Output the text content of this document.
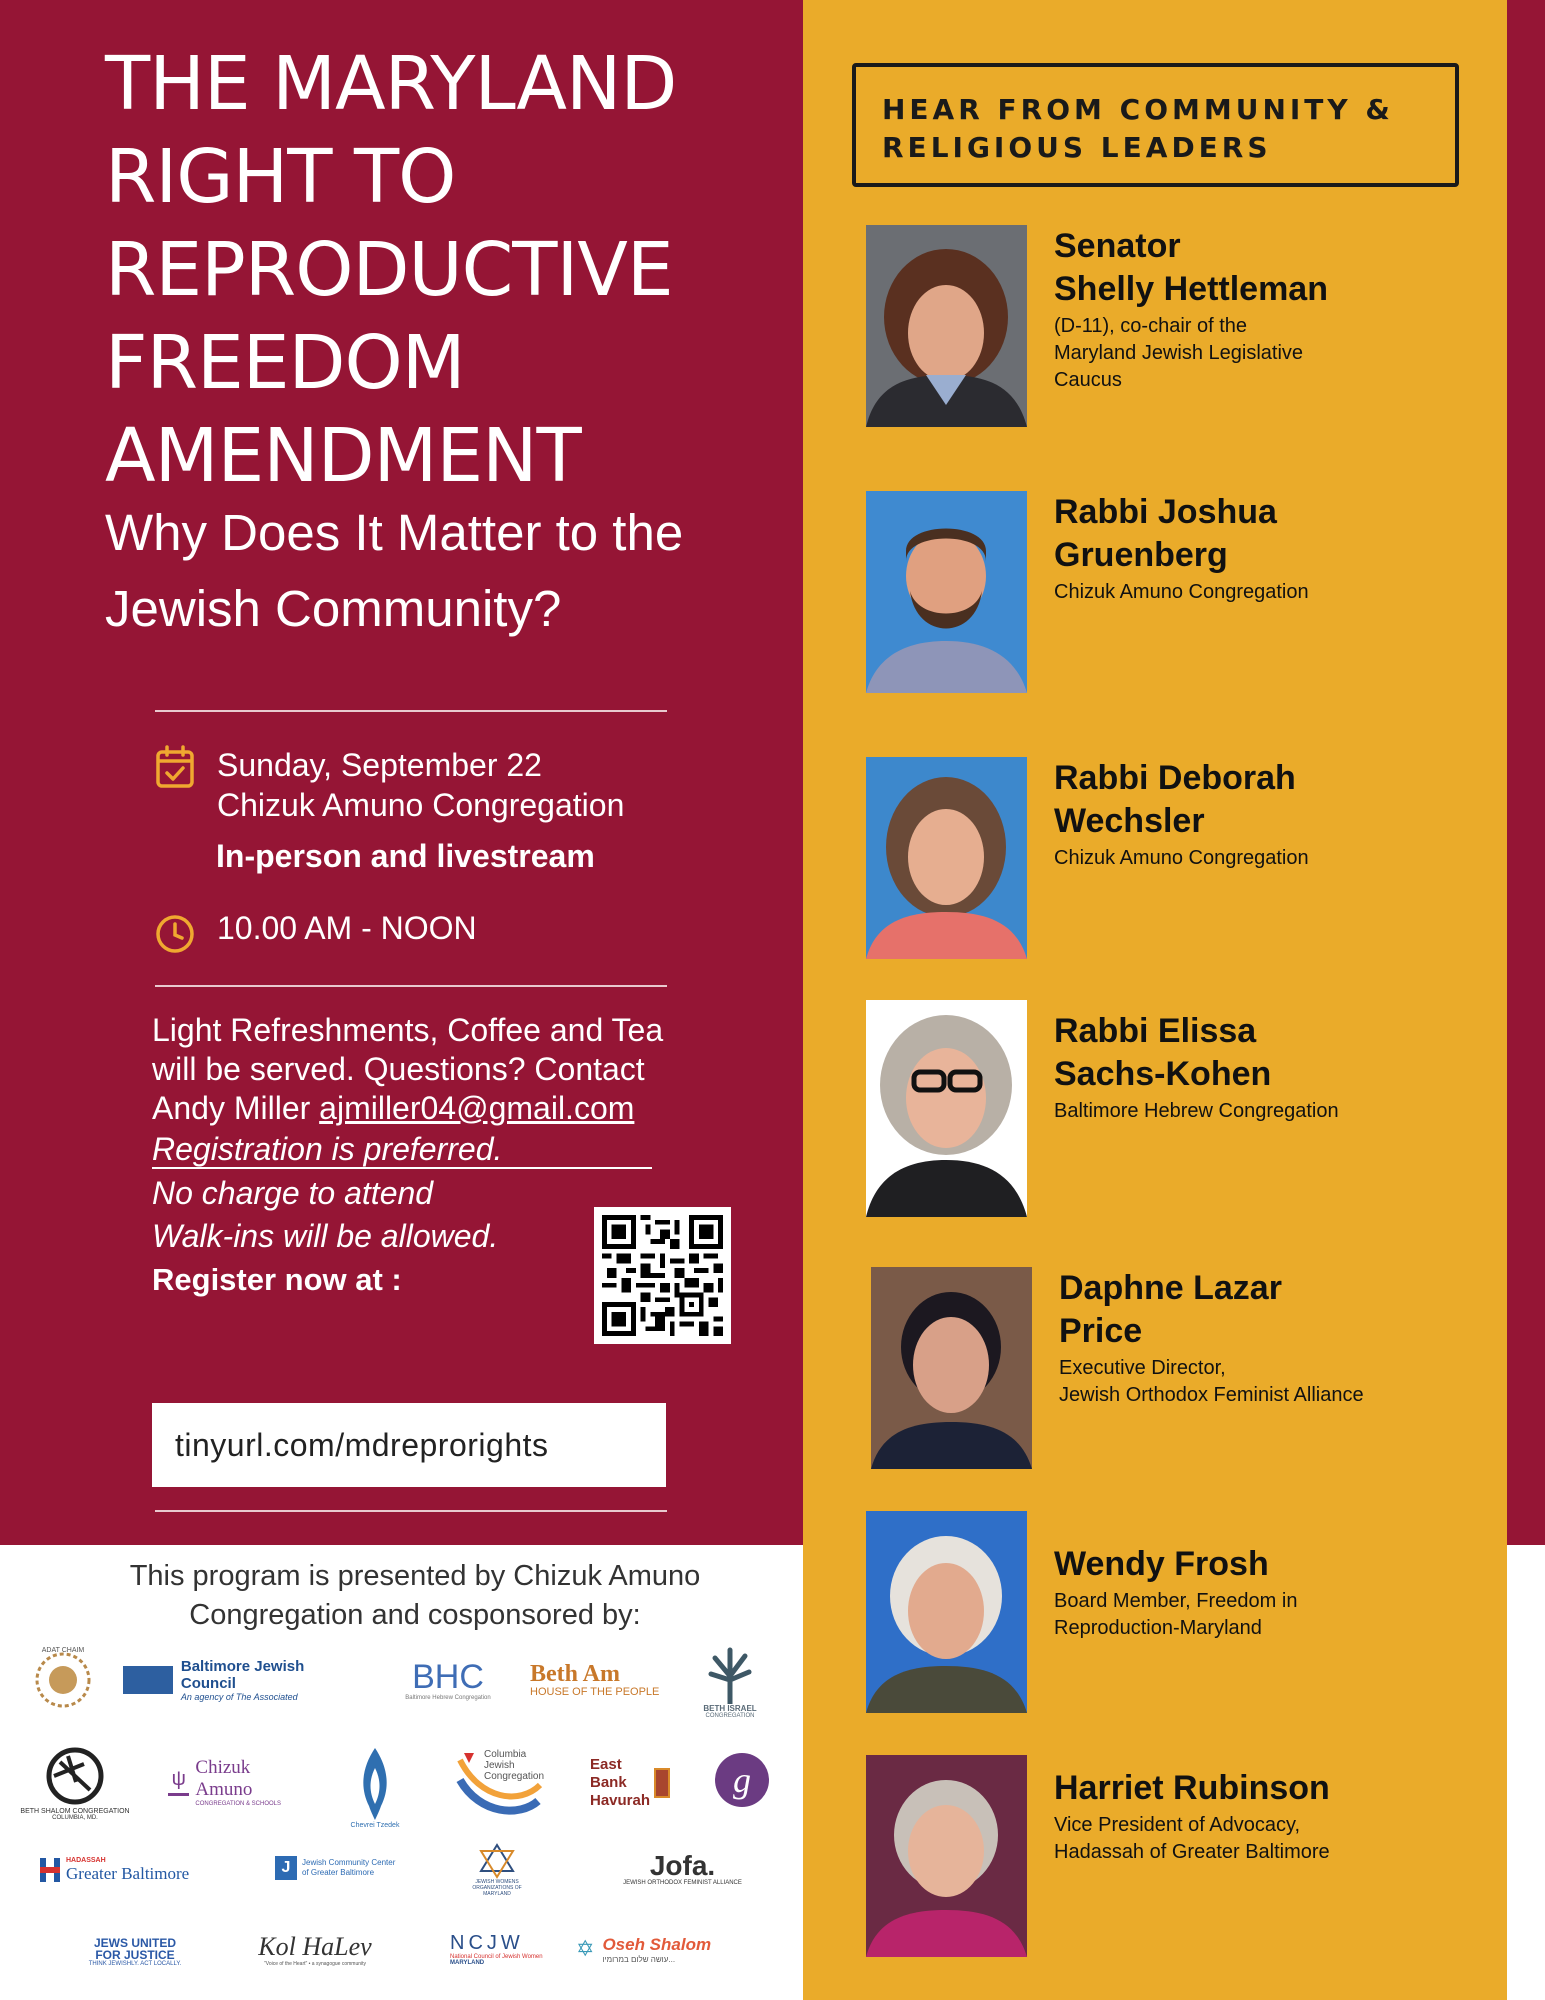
THE MARYLAND
RIGHT TO
REPRODUCTIVE
FREEDOM
AMENDMENT
Why Does It Matter to the
Jewish Community?
Sunday, September 22
Chizuk Amuno Congregation
In-person and livestream
10.00 AM - NOON
Light Refreshments, Coffee and Tea
will be served. Questions? Contact
Andy Miller ajmiller04@gmail.com
Registration is preferred.
No charge to attend
Walk-ins will be allowed.
Register now at :
tinyurl.com/mdreprorights
This program is presented by Chizuk Amuno
Congregation and cosponsored by:
ADAT CHAIM
Baltimore Jewish Council
An agency of The Associated
BHC
Baltimore Hebrew Congregation
Beth Am
HOUSE OF THE PEOPLE
BETH ISRAEL
CONGREGATION
BETH SHALOM CONGREGATION
COLUMBIA, MD.
ψ
Chizuk Amuno
CONGREGATION & SCHOOLS
Chevrei Tzedek
Columbia Jewish Congregation
East
Bank
Havurah
g
HADASSAH
Greater Baltimore	J	Jewish Community Center
of Greater Baltimore
JEWISH WOMENS ORGANIZATIONS OF MARYLAND
Jofa.
JEWISH ORTHODOX FEMINIST ALLIANCE
JEWS UNITED FOR JUSTICE
THINK JEWISHLY. ACT LOCALLY.
Kol HaLev
"Voice of the Heart" • a synagogue community
NCJW
National Council of Jewish Women
MARYLAND
✡ Oseh Shalom
עושה שלום במרומיו...
HEAR FROM COMMUNITY &
RELIGIOUS LEADERS
Senator
Shelly Hettleman
(D-11), co-chair of the
Maryland Jewish Legislative
Caucus
Rabbi Joshua
Gruenberg
Chizuk Amuno Congregation
Rabbi Deborah
Wechsler
Chizuk Amuno Congregation
Rabbi Elissa
Sachs-Kohen
Baltimore Hebrew Congregation
Daphne Lazar
Price
Executive Director,
Jewish Orthodox Feminist Alliance
Wendy Frosh
Board Member, Freedom in
Reproduction-Maryland
Harriet Rubinson
Vice President of Advocacy,
Hadassah of Greater Baltimore
